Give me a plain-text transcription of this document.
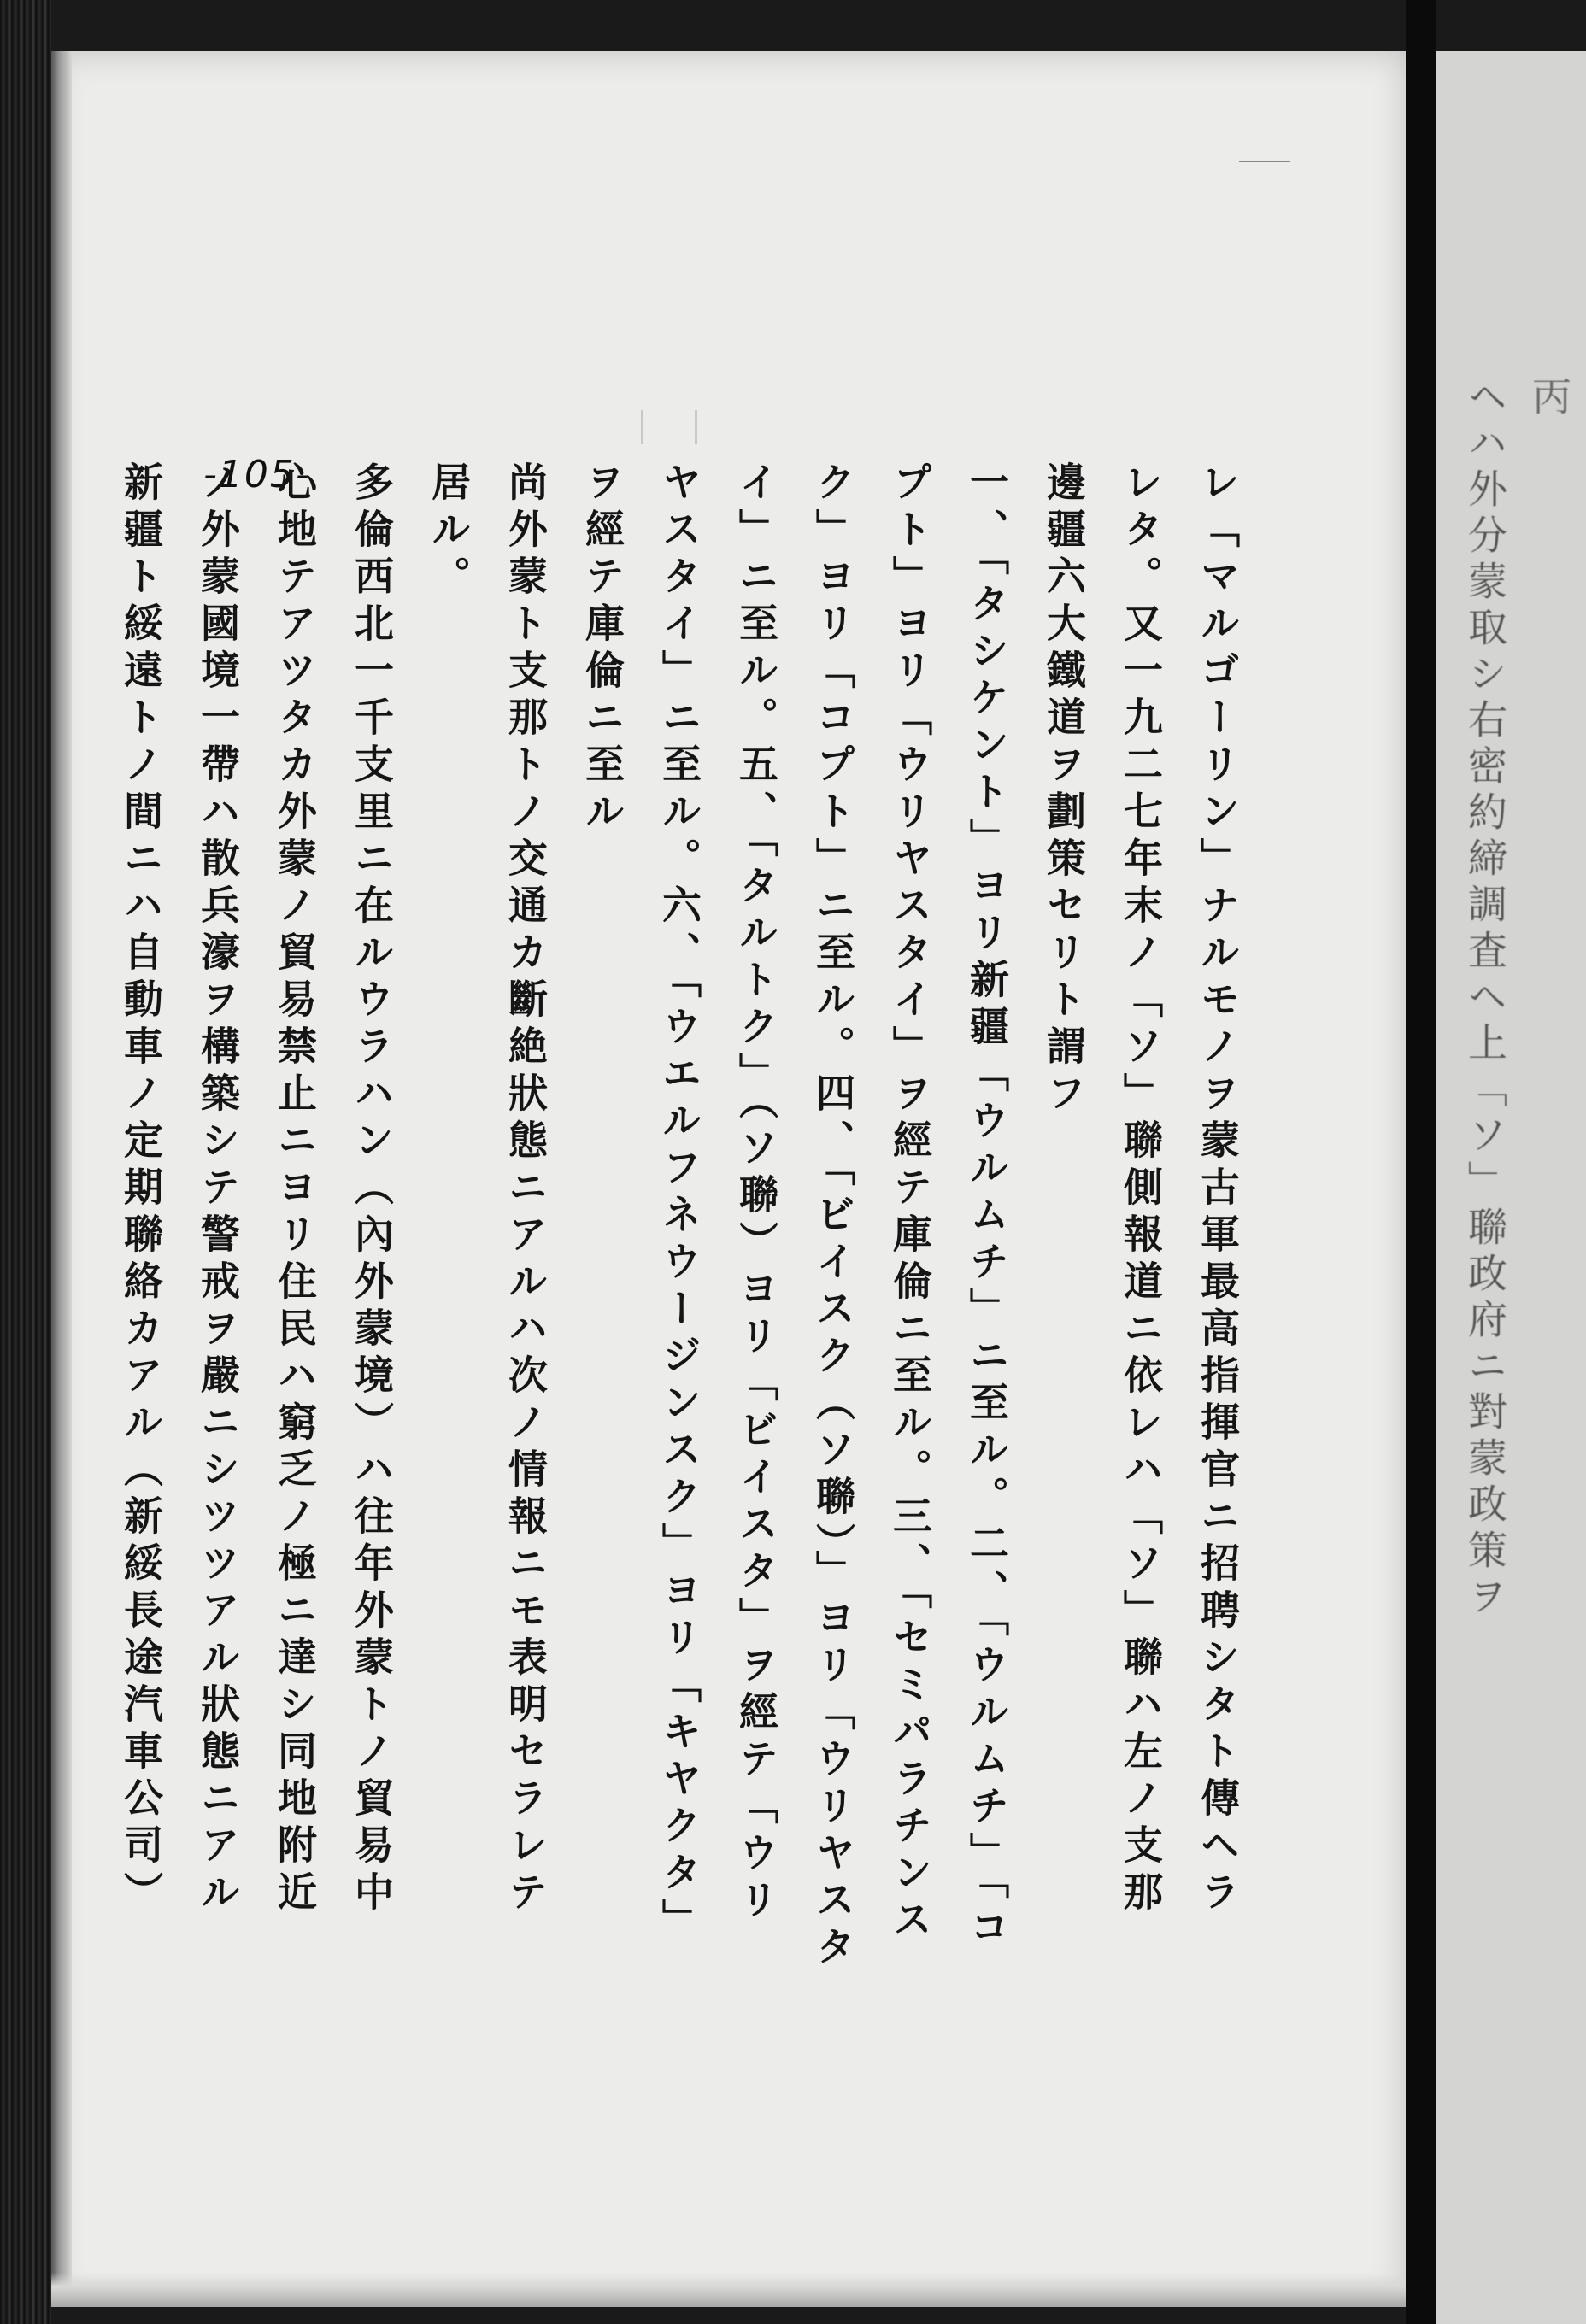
-105-	レ「マルゴーリン」ナルモノヲ蒙古軍最高指揮官ニ招聘シタト傳ヘラ
レタ。又一九二七年末ノ「ソ」聯側報道ニ依レハ「ソ」聯ハ左ノ支那
邊疆六大鐵道ヲ劃策セリト謂フ
一、「タシケント」ヨリ新疆「ウルムチ」ニ至ル。二、「ウルムチ」「コ
プト」ヨリ「ウリヤスタイ」ヲ經テ庫倫ニ至ル。三、「セミパラチンス
ク」ヨリ「コプト」ニ至ル。四、「ビイスク（ソ聯）」ヨリ「ウリヤスタ
イ」ニ至ル。五、「タルトク」（ソ聯）ヨリ「ビイスタ」ヲ經テ「ウリ
ヤスタイ」ニ至ル。六、「ウエルフネウージンスク」ヨリ「キヤクタ」
ヲ經テ庫倫ニ至ル
尚外蒙ト支那トノ交通カ斷絶狀態ニアルハ次ノ情報ニモ表明セラレテ
居ル。
多倫西北一千支里ニ在ルウラハン（內外蒙境）ハ往年外蒙トノ貿易中
心地テアツタカ外蒙ノ貿易禁止ニヨリ住民ハ窮乏ノ極ニ達シ同地附近
ノ外蒙國境一帶ハ散兵濠ヲ構築シテ警戒ヲ嚴ニシツツアル狀態ニアル
新疆ト綏遠トノ間ニハ自動車ノ定期聯絡カアル（新綏長途汽車公司）	ヘハ外分蒙取シ右密約締調査ヘ上「ソ」聯政府ニ對蒙政策ヲ 丙
